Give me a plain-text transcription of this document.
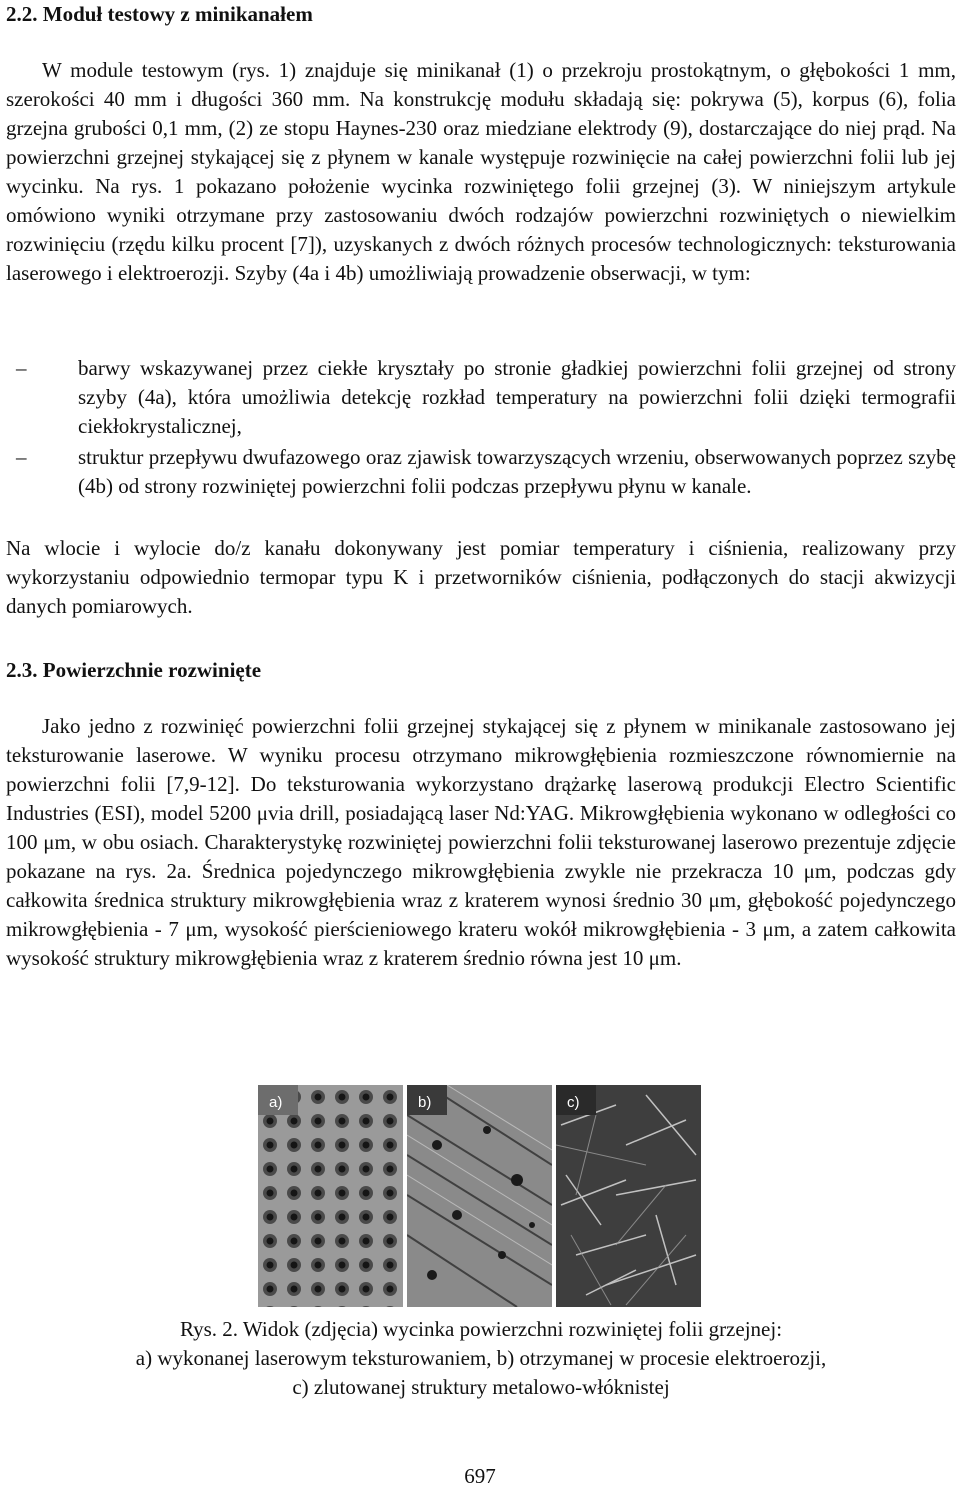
2.2. Moduł testowy z minikanałem

W module testowym (rys. 1) znajduje się minikanał (1) o przekroju prostokątnym, o głębokości 1 mm, szerokości 40 mm i długości 360 mm. Na konstrukcję modułu składają się: pokrywa (5), korpus (6), folia grzejna grubości 0,1 mm, (2) ze stopu Haynes-230 oraz miedziane elektrody (9), dostarczające do niej prąd. Na powierzchni grzejnej stykającej się z płynem w kanale występuje rozwinięcie na całej powierzchni folii lub jej wycinku. Na rys. 1 pokazano położenie wycinka rozwiniętego folii grzejnej (3). W niniejszym artykule omówiono wyniki otrzymane przy zastosowaniu dwóch rodzajów powierzchni rozwiniętych o niewielkim rozwinięciu (rzędu kilku procent [7]), uzyskanych z dwóch różnych procesów technologicznych: teksturowania laserowego i elektroerozji. Szyby (4a i 4b) umożliwiają prowadzenie obserwacji, w tym:

– barwy wskazywanej przez ciekłe kryształy po stronie gładkiej powierzchni folii grzejnej od strony szyby (4a), która umożliwia detekcję rozkład temperatury na powierzchni folii dzięki termografii ciekłokrystalicznej,
– struktur przepływu dwufazowego oraz zjawisk towarzyszących wrzeniu, obserwowanych poprzez szybę (4b) od strony rozwiniętej powierzchni folii podczas przepływu płynu w kanale.

Na wlocie i wylocie do/z kanału dokonywany jest pomiar temperatury i ciśnienia, realizowany przy wykorzystaniu odpowiednio termopar typu K i przetworników ciśnienia, podłączonych do stacji akwizycji danych pomiarowych.

2.3. Powierzchnie rozwinięte

Jako jedno z rozwinięć powierzchni folii grzejnej stykającej się z płynem w minikanale zastosowano jej teksturowanie laserowe. W wyniku procesu otrzymano mikrowgłębienia rozmieszczone równomiernie na powierzchni folii [7,9-12]. Do teksturowania wykorzystano drążarkę laserową produkcji Electro Scientific Industries (ESI), model 5200 μvia drill, posiadającą laser Nd:YAG. Mikrowgłębienia wykonano w odległości co 100 μm, w obu osiach. Charakterystykę rozwiniętej powierzchni folii teksturowanej laserowo prezentuje zdjęcie pokazane na rys. 2a. Średnica pojedynczego mikrowgłębienia zwykle nie przekracza 10 μm, podczas gdy całkowita średnica struktury mikrowgłębienia wraz z kraterem wynosi średnio 30 μm, głębokość pojedynczego mikrowgłębienia - 7 μm, wysokość pierścieniowego krateru wokół mikrowgłębienia - 3 μm, a zatem całkowita wysokość struktury mikrowgłębienia wraz z kraterem średnio równa jest 10 μm.

a)	b)	c)
Rys. 2. Widok (zdjęcia) wycinka powierzchni rozwiniętej folii grzejnej:
a) wykonanej laserowym teksturowaniem, b) otrzymanej w procesie elektroerozji,
c) zlutowanej struktury metalowo-włóknistej
697
